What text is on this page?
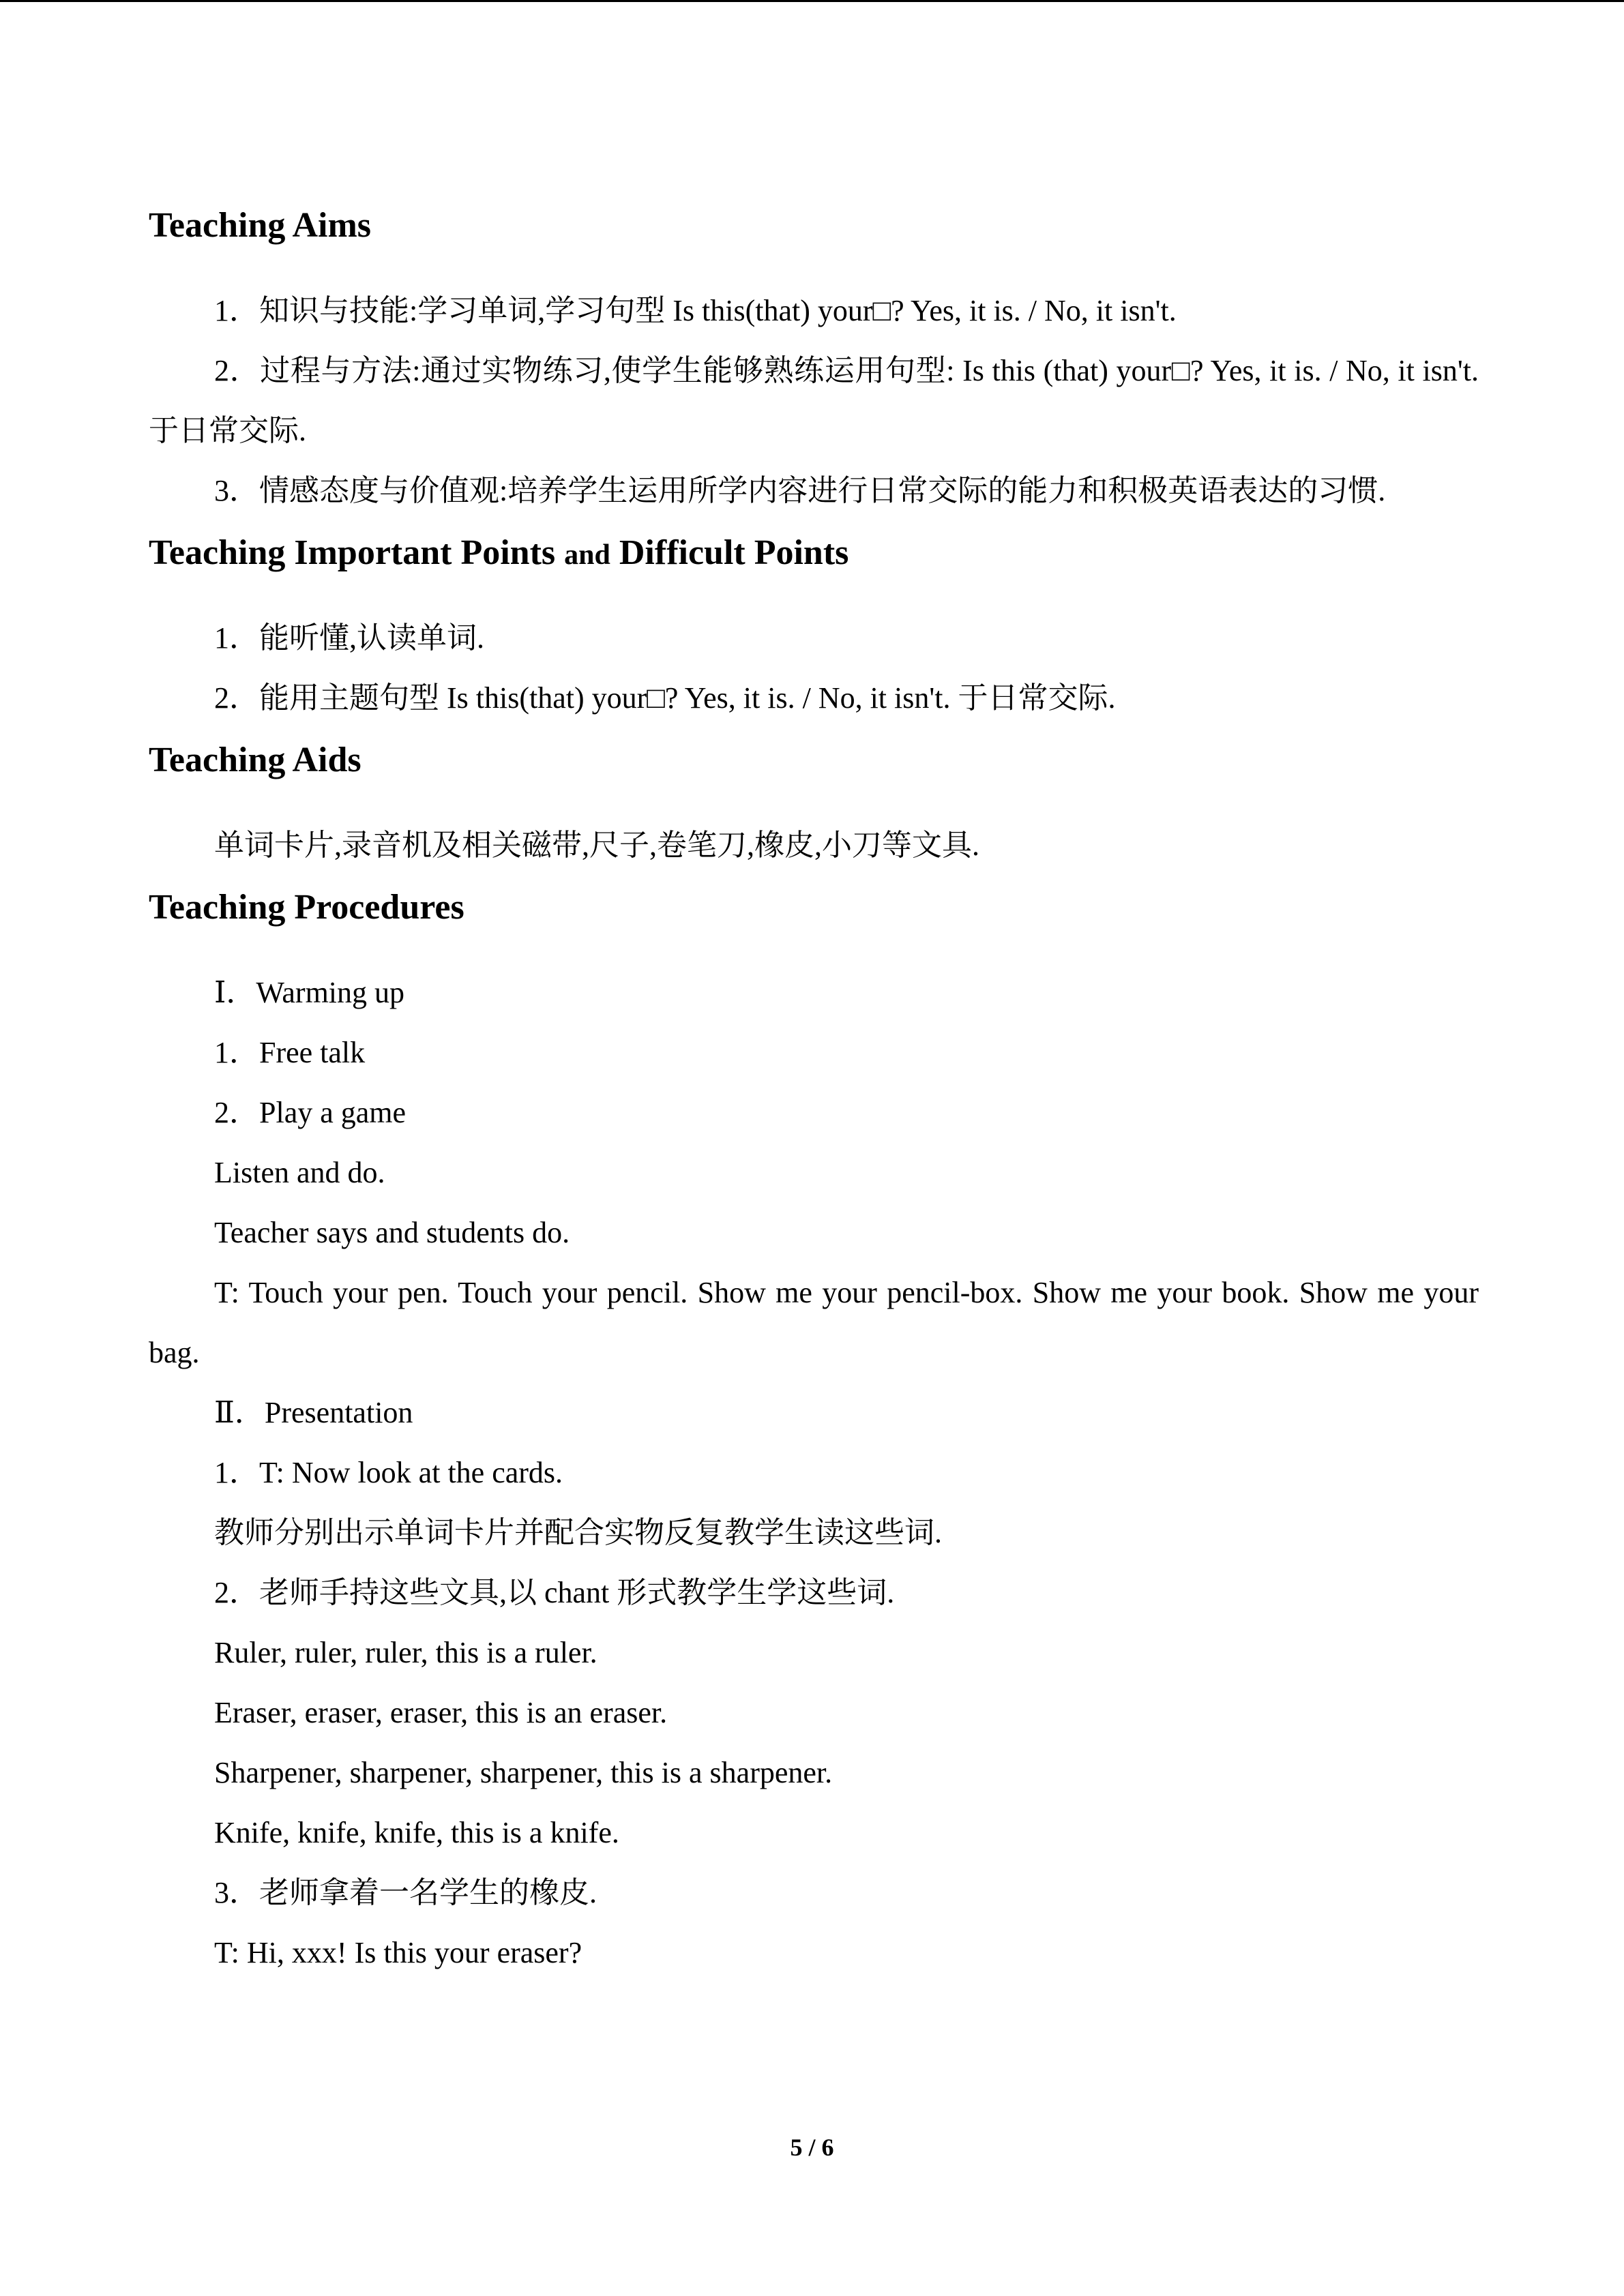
Teaching Aims

1．知识与技能:学习单词,学习句型 Is this(that) your□? Yes, it is. / No, it isn't.

2．过程与方法:通过实物练习,使学生能够熟练运用句型: Is this (that) your□? Yes, it is. / No, it isn't. 于日常交际.

3．情感态度与价值观:培养学生运用所学内容进行日常交际的能力和积极英语表达的习惯.

Teaching Important Points and Difficult Points

1．能听懂,认读单词.

2．能用主题句型 Is this(that) your□? Yes, it is. / No, it isn't. 于日常交际.

Teaching Aids

单词卡片,录音机及相关磁带,尺子,卷笔刀,橡皮,小刀等文具.

Teaching Procedures

Ⅰ．Warming up

1．Free talk

2．Play a game

Listen and do.

Teacher says and students do.

T: Touch your pen. Touch your pencil. Show me your pencil-box. Show me your book. Show me your bag.

Ⅱ．Presentation

1．T: Now look at the cards.

教师分别出示单词卡片并配合实物反复教学生读这些词.

2．老师手持这些文具,以 chant 形式教学生学这些词.

Ruler, ruler, ruler, this is a ruler.

Eraser, eraser, eraser, this is an eraser.

Sharpener, sharpener, sharpener, this is a sharpener.

Knife, knife, knife, this is a knife.

3．老师拿着一名学生的橡皮.

T: Hi, xxx! Is this your eraser?

5 / 6
